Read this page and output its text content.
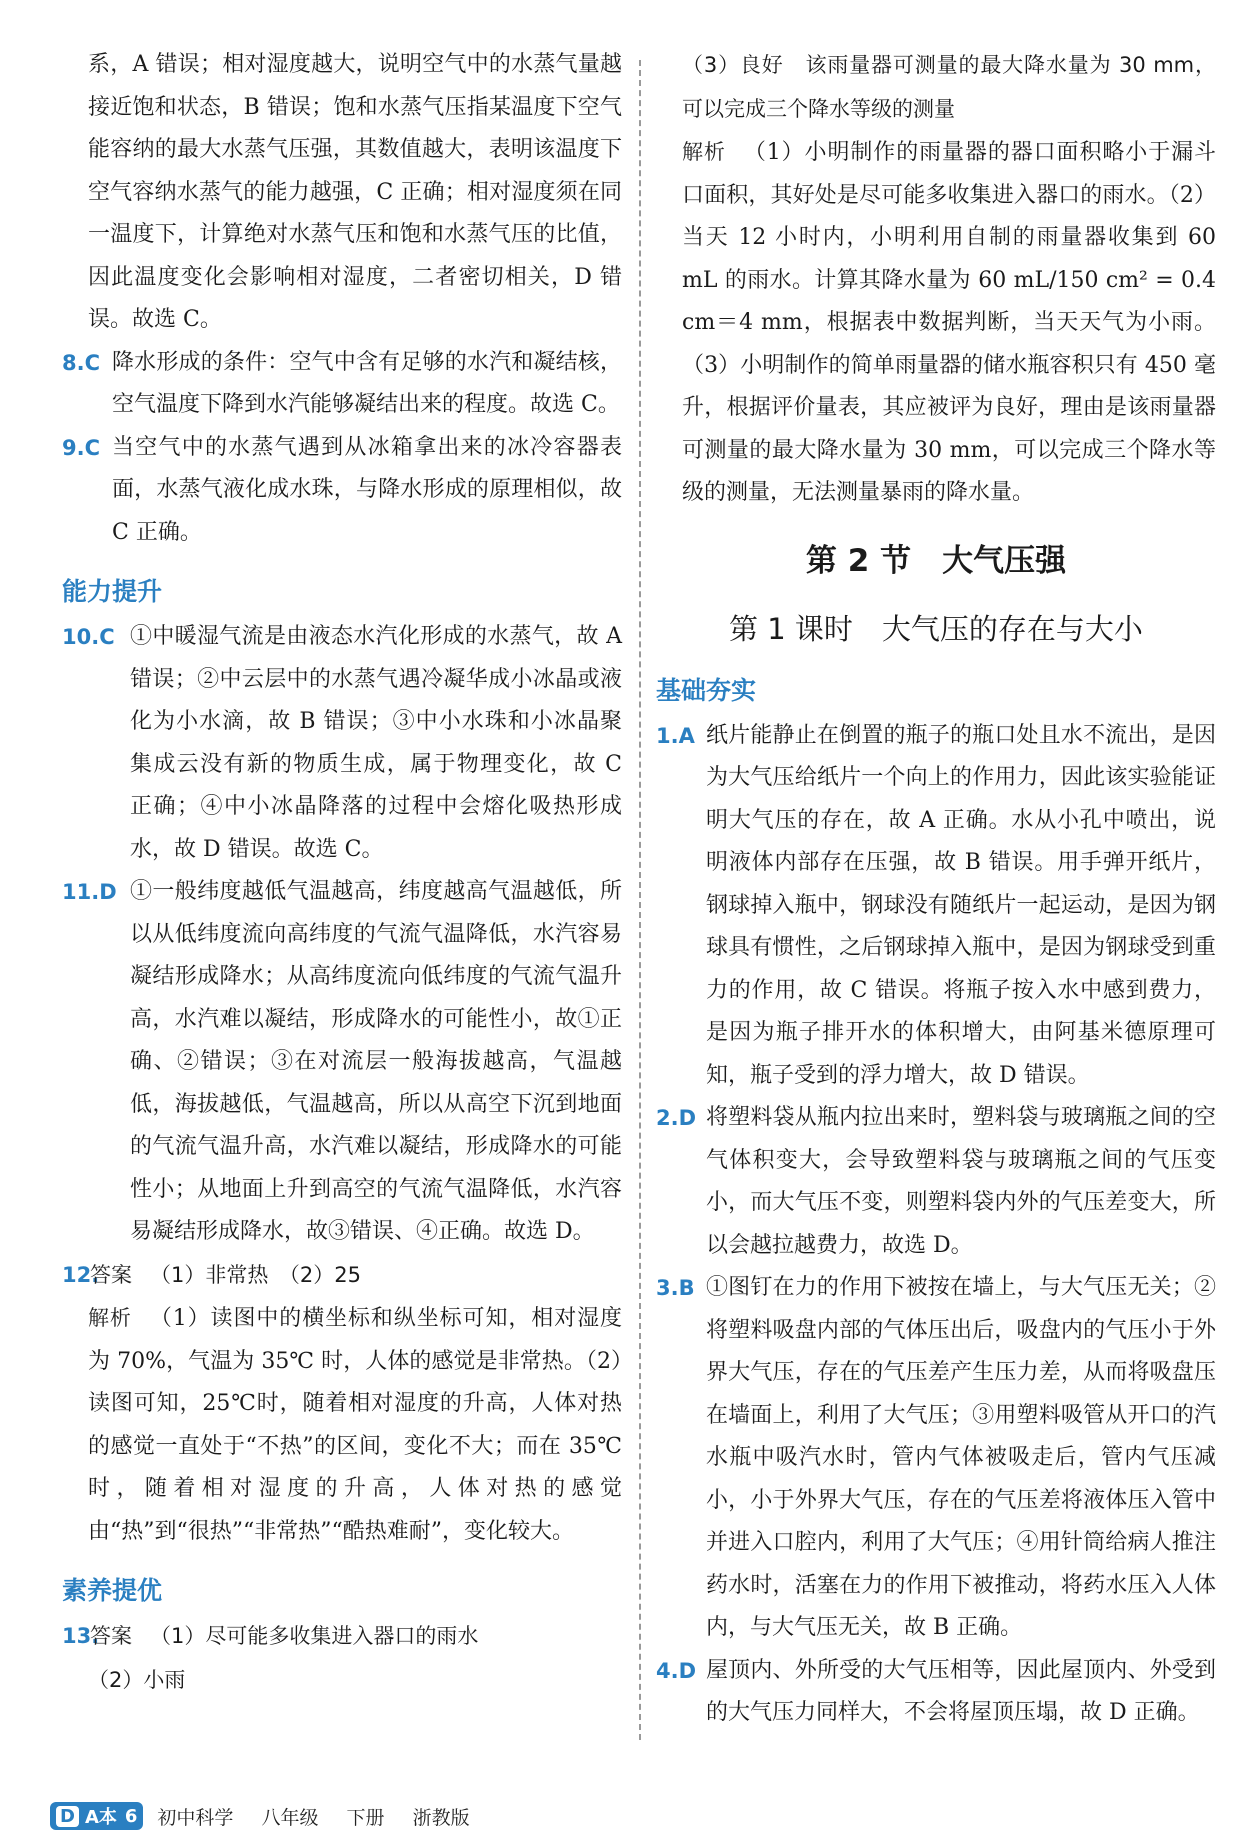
系，A 错误；相对湿度越大，说明空气中的水蒸气量越接近饱和状态，B 错误；饱和水蒸气压指某温度下空气能容纳的最大水蒸气压强，其数值越大，表明该温度下空气容纳水蒸气的能力越强，C 正确；相对湿度须在同一温度下，计算绝对水蒸气压和饱和水蒸气压的比值，因此温度变化会影响相对湿度，二者密切相关，D 错误。故选 C。

8.C 降水形成的条件：空气中含有足够的水汽和凝结核，空气温度下降到水汽能够凝结出来的程度。故选 C。
9.C 当空气中的水蒸气遇到从冰箱拿出来的冰冷容器表面，水蒸气液化成水珠，与降水形成的原理相似，故 C 正确。
能力提升
10.C ①中暖湿气流是由液态水汽化形成的水蒸气，故 A 错误；②中云层中的水蒸气遇冷凝华成小冰晶或液化为小水滴，故 B 错误；③中小水珠和小冰晶聚集成云没有新的物质生成，属于物理变化，故 C 正确；④中小冰晶降落的过程中会熔化吸热形成水，故 D 错误。故选 C。
11.D ①一般纬度越低气温越高，纬度越高气温越低，所以从低纬度流向高纬度的气流气温降低，水汽容易凝结形成降水；从高纬度流向低纬度的气流气温升高，水汽难以凝结，形成降水的可能性小，故①正确、②错误；③在对流层一般海拔越高，气温越低，海拔越低，气温越高，所以从高空下沉到地面的气流气温升高，水汽难以凝结，形成降水的可能性小；从地面上升到高空的气流气温降低，水汽容易凝结形成降水，故③错误、④正确。故选 D。
12.
答案 （1）非常热　（2）25

解析 （1）读图中的横坐标和纵坐标可知，相对湿度为 70%，气温为 35℃ 时，人体的感觉是非常热。（2）读图可知，25℃时，随着相对湿度的升高，人体对热的感觉一直处于“不热”的区间，变化不大；而在 35℃时，随着相对湿度的升高，人体对热的感觉由“热”到“很热”“非常热”“酷热难耐”，变化较大。

素养提优
13.
答案 （1）尽可能多收集进入器口的雨水

（2）小雨

（3）良好　该雨量器可测量的最大降水量为 30 mm，可以完成三个降水等级的测量

解析 （1）小明制作的雨量器的器口面积略小于漏斗口面积，其好处是尽可能多收集进入器口的雨水。（2）当天 12 小时内，小明利用自制的雨量器收集到 60 mL 的雨水。计算其降水量为 60 mL/150 cm² = 0.4 cm＝4 mm，根据表中数据判断，当天天气为小雨。（3）小明制作的简单雨量器的储水瓶容积只有 450 毫升，根据评价量表，其应被评为良好，理由是该雨量器可测量的最大降水量为 30 mm，可以完成三个降水等级的测量，无法测量暴雨的降水量。

第 2 节　大气压强
第 1 课时　大气压的存在与大小
基础夯实
1.A 纸片能静止在倒置的瓶子的瓶口处且水不流出，是因为大气压给纸片一个向上的作用力，因此该实验能证明大气压的存在，故 A 正确。水从小孔中喷出，说明液体内部存在压强，故 B 错误。用手弹开纸片，钢球掉入瓶中，钢球没有随纸片一起运动，是因为钢球具有惯性，之后钢球掉入瓶中，是因为钢球受到重力的作用，故 C 错误。将瓶子按入水中感到费力，是因为瓶子排开水的体积增大，由阿基米德原理可知，瓶子受到的浮力增大，故 D 错误。
2.D 将塑料袋从瓶内拉出来时，塑料袋与玻璃瓶之间的空气体积变大，会导致塑料袋与玻璃瓶之间的气压变小，而大气压不变，则塑料袋内外的气压差变大，所以会越拉越费力，故选 D。
3.B ①图钉在力的作用下被按在墙上，与大气压无关；②将塑料吸盘内部的气体压出后，吸盘内的气压小于外界大气压，存在的气压差产生压力差，从而将吸盘压在墙面上，利用了大气压；③用塑料吸管从开口的汽水瓶中吸汽水时，管内气体被吸走后，管内气压减小，小于外界大气压，存在的气压差将液体压入管中并进入口腔内，利用了大气压；④用针筒给病人推注药水时，活塞在力的作用下被推动，将药水压入人体内，与大气压无关，故 B 正确。
4.D 屋顶内、外所受的大气压相等，因此屋顶内、外受到的大气压力同样大，不会将屋顶压塌，故 D 正确。
D A本 6 初中科学 八年级 下册 浙教版
